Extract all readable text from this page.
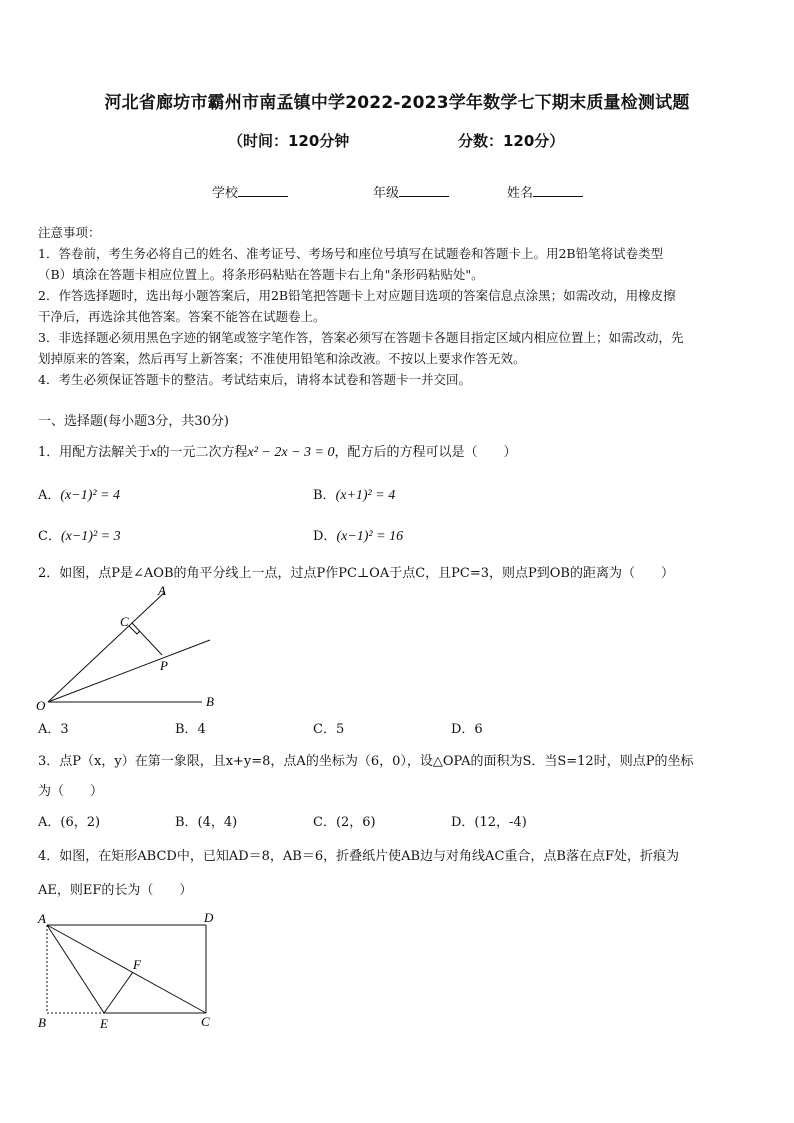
河北省廊坊市霸州市南孟镇中学2022-2023学年数学七下期末质量检测试题
（时间：120分钟	分数：120分）
学校	年级	姓名
注意事项：
1．答卷前，考生务必将自己的姓名、准考证号、考场号和座位号填写在试题卷和答题卡上。用2B铅笔将试卷类型
（B）填涂在答题卡相应位置上。将条形码粘贴在答题卡右上角"条形码粘贴处"。
2．作答选择题时，选出每小题答案后，用2B铅笔把答题卡上对应题目选项的答案信息点涂黑；如需改动，用橡皮擦
干净后，再选涂其他答案。答案不能答在试题卷上。
3．非选择题必须用黑色字迹的钢笔或签字笔作答，答案必须写在答题卡各题目指定区域内相应位置上；如需改动，先
划掉原来的答案，然后再写上新答案；不准使用铅笔和涂改液。不按以上要求作答无效。
4．考生必须保证答题卡的整洁。考试结束后，请将本试卷和答题卡一并交回。
一、选择题(每小题3分，共30分)
1．用配方法解关于x的一元二次方程x² − 2x − 3 = 0，配方后的方程可以是（　　）
A．(x−1)² = 4	B．(x+1)² = 4
C．(x−1)² = 3	D．(x−1)² = 16
2．如图，点P是∠AOB的角平分线上一点，过点P作PC⊥OA于点C，且PC=3，则点P到OB的距离为（　　）
A
C
P
O	B
A．3	B．4	C．5	D．6
3．点P（x，y）在第一象限，且x+y=8，点A的坐标为（6，0），设△OPA的面积为S．当S=12时，则点P的坐标
为（　　）
A．(6，2)	B．(4，4)	C．(2，6)	D．(12，-4)
4．如图，在矩形ABCD中，已知AD＝8，AB＝6，折叠纸片使AB边与对角线AC重合，点B落在点F处，折痕为
AE，则EF的长为（　　）
A	D
F
B	E	C
